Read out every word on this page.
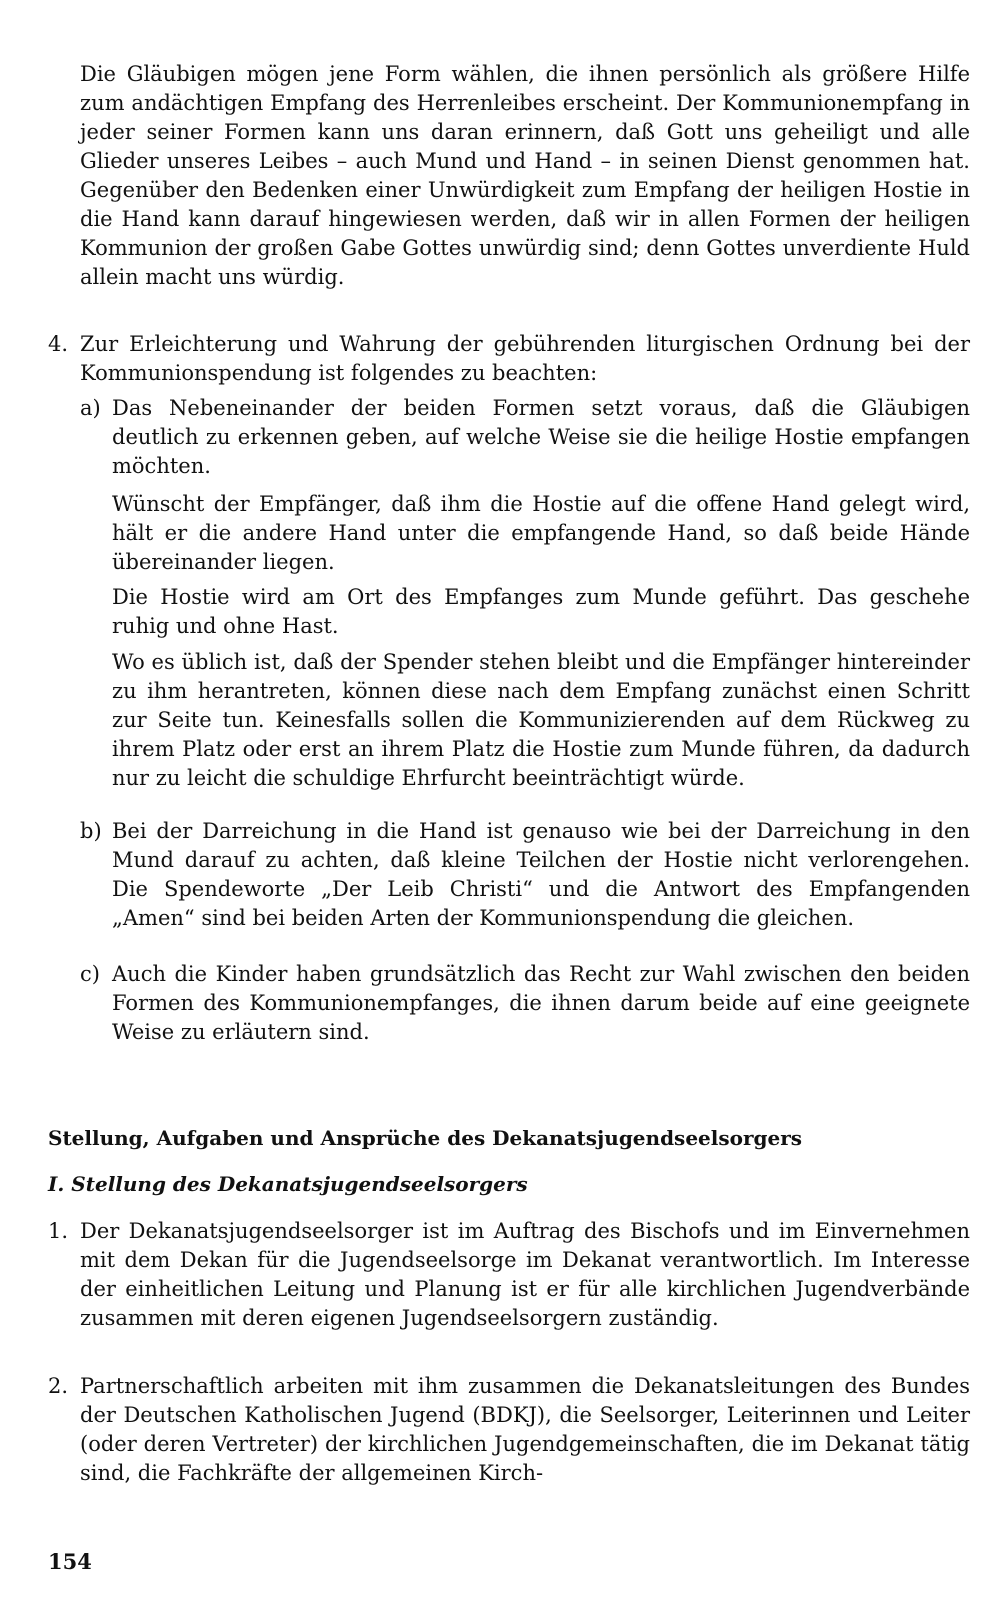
Die Gläubigen mögen jene Form wählen, die ihnen persönlich als größere Hilfe zum andächtigen Empfang des Herrenleibes erscheint. Der Kommunionempfang in jeder seiner Formen kann uns daran erinnern, daß Gott uns geheiligt und alle Glieder unseres Leibes – auch Mund und Hand – in seinen Dienst genommen hat. Gegenüber den Bedenken einer Unwürdigkeit zum Empfang der heiligen Hostie in die Hand kann darauf hingewiesen werden, daß wir in allen Formen der heiligen Kommunion der großen Gabe Gottes unwürdig sind; denn Gottes unverdiente Huld allein macht uns würdig.

4. Zur Erleichterung und Wahrung der gebührenden liturgischen Ordnung bei der Kommunionspendung ist folgendes zu beachten:

a) Das Nebeneinander der beiden Formen setzt voraus, daß die Gläubigen deutlich zu erkennen geben, auf welche Weise sie die heilige Hostie empfangen möchten.

Wünscht der Empfänger, daß ihm die Hostie auf die offene Hand gelegt wird, hält er die andere Hand unter die empfangende Hand, so daß beide Hände übereinander liegen.

Die Hostie wird am Ort des Empfanges zum Munde geführt. Das geschehe ruhig und ohne Hast.

Wo es üblich ist, daß der Spender stehen bleibt und die Empfänger hintereinder zu ihm herantreten, können diese nach dem Empfang zunächst einen Schritt zur Seite tun. Keinesfalls sollen die Kommunizierenden auf dem Rückweg zu ihrem Platz oder erst an ihrem Platz die Hostie zum Munde führen, da dadurch nur zu leicht die schuldige Ehrfurcht beeinträchtigt würde.

b) Bei der Darreichung in die Hand ist genauso wie bei der Darreichung in den Mund darauf zu achten, daß kleine Teilchen der Hostie nicht verlorengehen. Die Spendeworte „Der Leib Christi“ und die Antwort des Empfangenden „Amen“ sind bei beiden Arten der Kommunionspendung die gleichen.

c) Auch die Kinder haben grundsätzlich das Recht zur Wahl zwischen den beiden Formen des Kommunionempfanges, die ihnen darum beide auf eine geeignete Weise zu erläutern sind.

Stellung, Aufgaben und Ansprüche des Dekanatsjugendseelsorgers
I. Stellung des Dekanatsjugendseelsorgers
1. Der Dekanatsjugendseelsorger ist im Auftrag des Bischofs und im Einvernehmen mit dem Dekan für die Jugendseelsorge im Dekanat verantwortlich. Im Interesse der einheitlichen Leitung und Planung ist er für alle kirchlichen Jugendverbände zusammen mit deren eigenen Jugendseelsorgern zuständig.

2. Partnerschaftlich arbeiten mit ihm zusammen die Dekanatsleitungen des Bundes der Deutschen Katholischen Jugend (BDKJ), die Seelsorger, Leiterinnen und Leiter (oder deren Vertreter) der kirchlichen Jugendgemeinschaften, die im Dekanat tätig sind, die Fachkräfte der allgemeinen Kirch-

154
